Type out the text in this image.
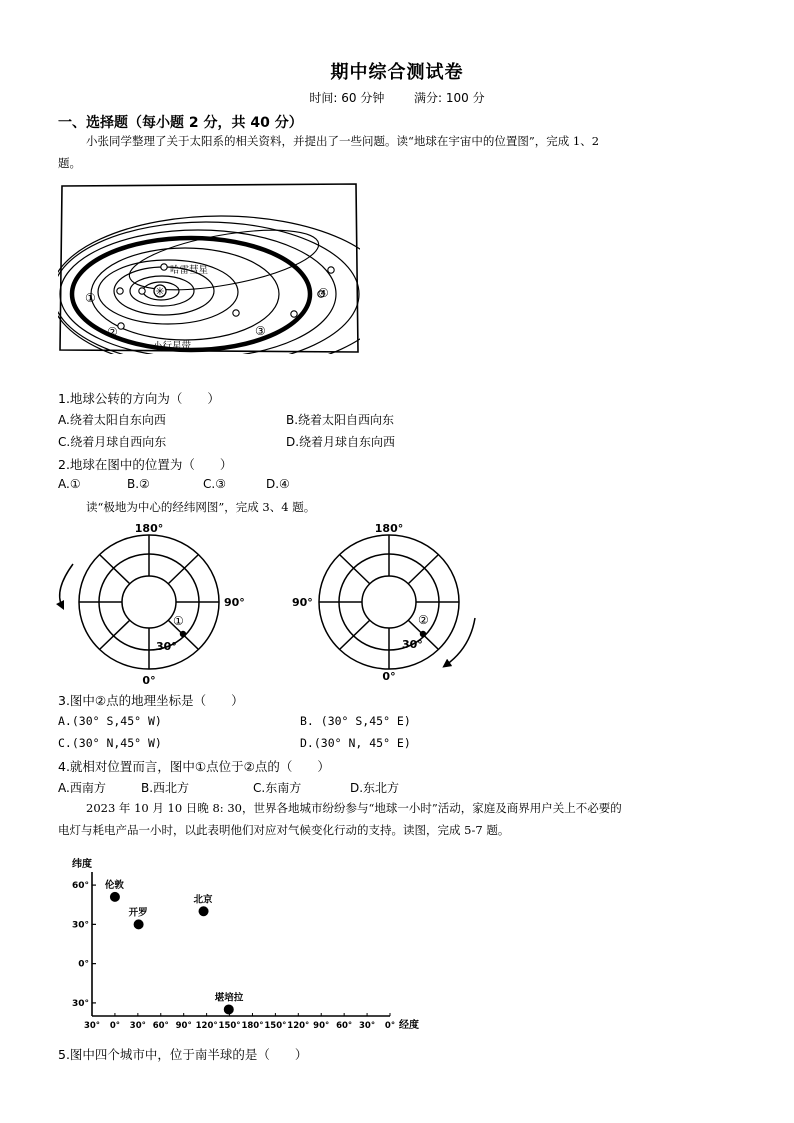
期中综合测试卷
时间: 60 分钟 满分: 100 分
一、选择题（每小题 2 分，共 40 分）
小张同学整理了关于太阳系的相关资料，并提出了一些问题。读“地球在宇宙中的位置图”，完成 1、2
题。
✳
哈雷彗星
小行星带
①
②	③
④
1.地球公转的方向为（　　）
A.绕着太阳自东向西	B.绕着太阳自西向东
C.绕着月球自西向东	D.绕着月球自东向西
2.地球在图中的位置为（　　）
A.①	B.②	C.③	D.④
读“极地为中心的经纬网图”，完成 3、4 题。
180°
90°
30°
0°
①
180°
90°
30°
0°
②
3.图中②点的地理坐标是（　　）
A.(30° S,45° W)	B. (30° S,45° E)
C.(30° N,45° W)	D.(30° N, 45° E)
4.就相对位置而言，图中①点位于②点的（　　）
A.西南方	B.西北方	C.东南方	D.东北方
2023 年 10 月 10 日晚 8: 30，世界各地城市纷纷参与“地球一小时”活动，家庭及商界用户关上不必要的
电灯与耗电产品一小时，以此表明他们对应对气候变化行动的支持。读图，完成 5-7 题。
纬度
经度
60°
30°
0°
30°
30° 0° 30° 60° 90° 120° 150° 180° 150° 120° 90° 60° 30° 0°
伦敦
开罗
北京
堪培拉
5.图中四个城市中，位于南半球的是（　　）
